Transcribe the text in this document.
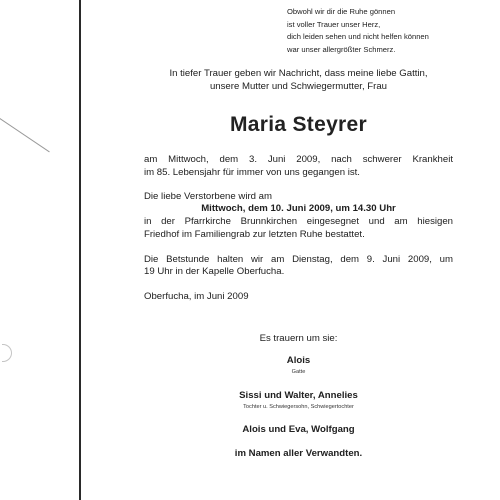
Obwohl wir dir die Ruhe gönnen
ist voller Trauer unser Herz,
dich leiden sehen und nicht helfen können
war unser allergrößter Schmerz.
In tiefer Trauer geben wir Nachricht, dass meine liebe Gattin,
unsere Mutter und Schwiegermutter, Frau
Maria Steyrer
am Mittwoch, dem 3. Juni 2009, nach schwerer Krankheit
im 85. Lebensjahr für immer von uns gegangen ist.
Die liebe Verstorbene wird am
Mittwoch, dem 10. Juni 2009, um 14.30 Uhr
in der Pfarrkirche Brunnkirchen eingesegnet und am hiesigen
Friedhof im Familiengrab zur letzten Ruhe bestattet.
Die Betstunde halten wir am Dienstag, dem 9. Juni 2009, um
19 Uhr in der Kapelle Oberfucha.
Oberfucha, im Juni 2009
Es trauern um sie:
Alois
Gatte
Sissi und Walter, Annelies
Tochter u. Schwiegersohn, Schwiegertochter
Alois und Eva, Wolfgang
im Namen aller Verwandten.
